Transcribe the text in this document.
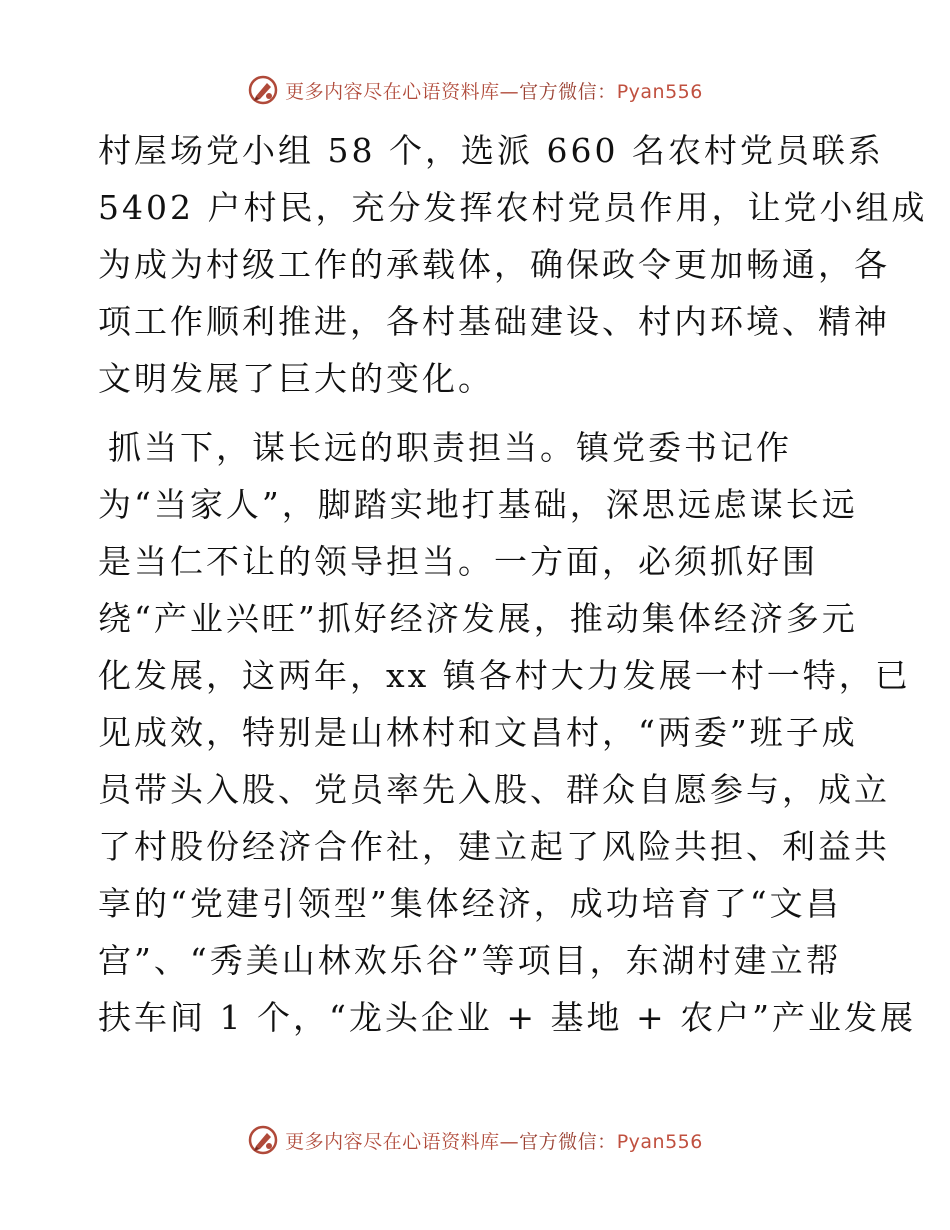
更多内容尽在心语资料库—官方微信：Pyan556
村屋场党小组 58 个，选派 660 名农村党员联系
5402 户村民，充分发挥农村党员作用，让党小组成
为成为村级工作的承载体，确保政令更加畅通，各
项工作顺利推进，各村基础建设、村内环境、精神
文明发展了巨大的变化。
抓当下，谋长远的职责担当。镇党委书记作
为“当家人”，脚踏实地打基础，深思远虑谋长远
是当仁不让的领导担当。一方面，必须抓好围
绕“产业兴旺”抓好经济发展，推动集体经济多元
化发展，这两年，xx 镇各村大力发展一村一特，已
见成效，特别是山林村和文昌村，“两委”班子成
员带头入股、党员率先入股、群众自愿参与，成立
了村股份经济合作社，建立起了风险共担、利益共
享的“党建引领型”集体经济，成功培育了“文昌
宫”、“秀美山林欢乐谷”等项目，东湖村建立帮
扶车间 1 个，“龙头企业 + 基地 + 农户”产业发展
更多内容尽在心语资料库—官方微信：Pyan556
